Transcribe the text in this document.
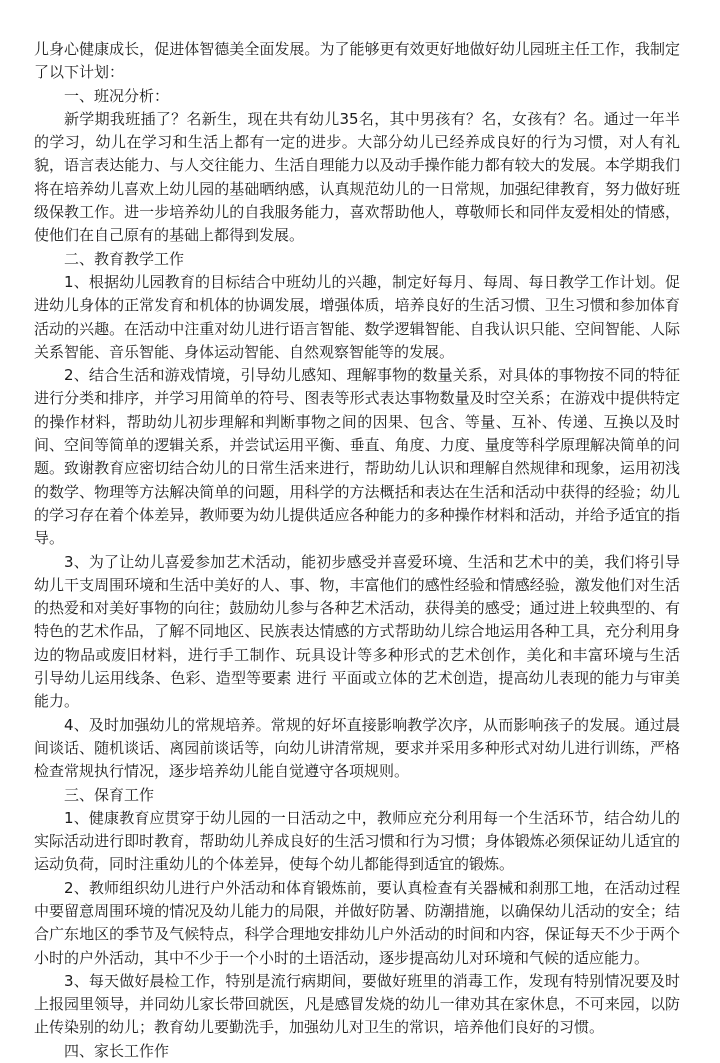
儿身心健康成长，促进体智德美全面发展。为了能够更有效更好地做好幼儿园班主任工作，我制定了以下计划：

一、班况分析：

新学期我班插了？名新生，现在共有幼儿35名，其中男孩有？名，女孩有？名。通过一年半的学习，幼儿在学习和生活上都有一定的进步。大部分幼儿已经养成良好的行为习惯，对人有礼貌，语言表达能力、与人交往能力、生活自理能力以及动手操作能力都有较大的发展。本学期我们将在培养幼儿喜欢上幼儿园的基础晒纳感，认真规范幼儿的一日常规，加强纪律教育，努力做好班级保教工作。进一步培养幼儿的自我服务能力，喜欢帮助他人，尊敬师长和同伴友爱相处的情感，使他们在自己原有的基础上都得到发展。

二、教育教学工作

1、根据幼儿园教育的目标结合中班幼儿的兴趣，制定好每月、每周、每日教学工作计划。促进幼儿身体的正常发育和机体的协调发展，增强体质，培养良好的生活习惯、卫生习惯和参加体育活动的兴趣。在活动中注重对幼儿进行语言智能、数学逻辑智能、自我认识只能、空间智能、人际关系智能、音乐智能、身体运动智能、自然观察智能等的发展。

2、结合生活和游戏情境，引导幼儿感知、理解事物的数量关系，对具体的事物按不同的特征进行分类和排序，并学习用简单的符号、图表等形式表达事物数量及时空关系；在游戏中提供特定的操作材料，帮助幼儿初步理解和判断事物之间的因果、包含、等量、互补、传递、互换以及时间、空间等简单的逻辑关系，并尝试运用平衡、垂直、角度、力度、量度等科学原理解决简单的问题。致谢教育应密切结合幼儿的日常生活来进行，帮助幼儿认识和理解自然规律和现象，运用初浅的数学、物理等方法解决简单的问题，用科学的方法概括和表达在生活和活动中获得的经验；幼儿的学习存在着个体差异，教师要为幼儿提供适应各种能力的多种操作材料和活动，并给予适宜的指导。

3、为了让幼儿喜爱参加艺术活动，能初步感受并喜爱环境、生活和艺术中的美，我们将引导幼儿干支周围环境和生活中美好的人、事、物，丰富他们的感性经验和情感经验，激发他们对生活的热爱和对美好事物的向往；鼓励幼儿参与各种艺术活动，获得美的感受；通过进上较典型的、有特色的艺术作品，了解不同地区、民族表达情感的方式帮助幼儿综合地运用各种工具，充分利用身边的物品或废旧材料，进行手工制作、玩具设计等多种形式的艺术创作，美化和丰富环境与生活 引导幼儿运用线条、色彩、造型等要素 进行 平面或立体的艺术创造，提高幼儿表现的能力与审美能力。

4、及时加强幼儿的常规培养。常规的好坏直接影响教学次序，从而影响孩子的发展。通过晨间谈话、随机谈话、离园前谈话等，向幼儿讲清常规，要求并采用多种形式对幼儿进行训练，严格检查常规执行情况，逐步培养幼儿能自觉遵守各项规则。

三、保育工作

1、健康教育应贯穿于幼儿园的一日活动之中，教师应充分利用每一个生活环节，结合幼儿的实际活动进行即时教育，帮助幼儿养成良好的生活习惯和行为习惯；身体锻炼必须保证幼儿适宜的运动负荷，同时注重幼儿的个体差异，使每个幼儿都能得到适宜的锻炼。

2、教师组织幼儿进行户外活动和体育锻炼前，要认真检查有关器械和刹那工地，在活动过程中要留意周围环境的情况及幼儿能力的局限，并做好防暑、防潮措施，以确保幼儿活动的安全；结合广东地区的季节及气候特点，科学合理地安排幼儿户外活动的时间和内容，保证每天不少于两个小时的户外活动，其中不少于一个小时的土语活动，逐步提高幼儿对环境和气候的适应能力。

3、每天做好晨检工作，特别是流行病期间，要做好班里的消毒工作，发现有特别情况要及时上报园里领导，并同幼儿家长带回就医，凡是感冒发烧的幼儿一律劝其在家休息，不可来园，以防止传染别的幼儿；教育幼儿要勤洗手，加强幼儿对卫生的常识，培养他们良好的习惯。

四、家长工作作
